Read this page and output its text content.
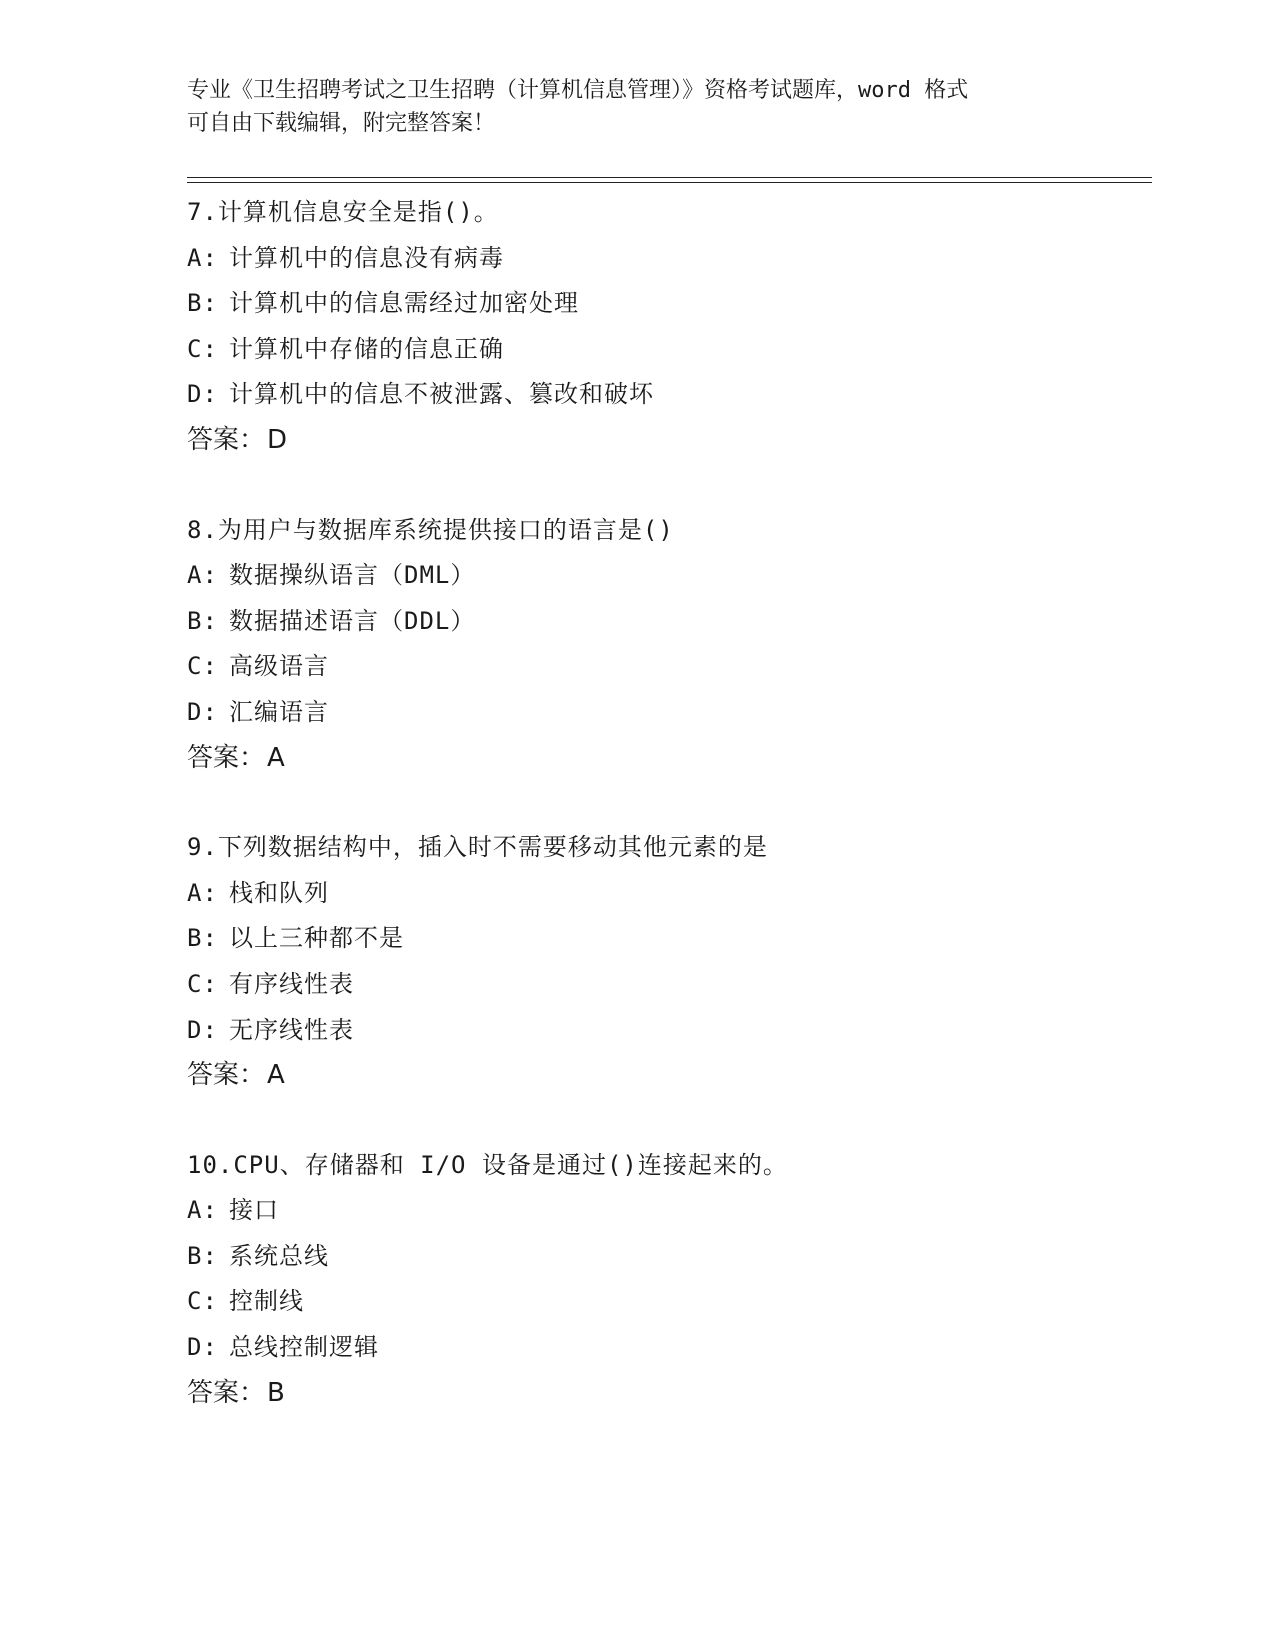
专业《卫生招聘考试之卫生招聘（计算机信息管理）》资格考试题库，word 格式
可自由下载编辑，附完整答案！
7.计算机信息安全是指()。
A: 计算机中的信息没有病毒
B: 计算机中的信息需经过加密处理
C: 计算机中存储的信息正确
D: 计算机中的信息不被泄露、篡改和破坏
答案：D
8.为用户与数据库系统提供接口的语言是()
A: 数据操纵语言（DML）
B: 数据描述语言（DDL）
C: 高级语言
D: 汇编语言
答案：A
9.下列数据结构中，插入时不需要移动其他元素的是
A: 栈和队列
B: 以上三种都不是
C: 有序线性表
D: 无序线性表
答案：A
10.CPU、存储器和 I/O 设备是通过()连接起来的。
A: 接口
B: 系统总线
C: 控制线
D: 总线控制逻辑
答案：B
